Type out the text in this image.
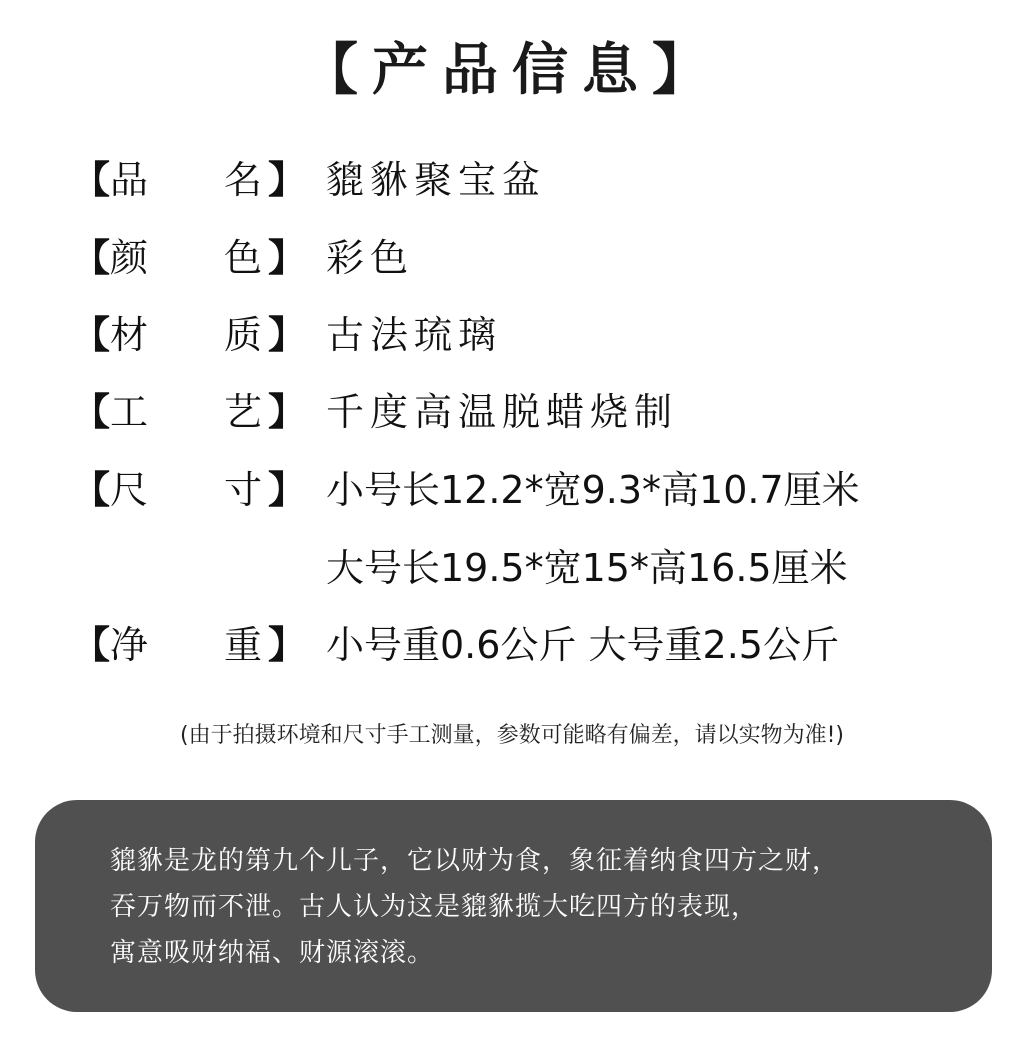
【产品信息】
【 品 名 】 貔貅聚宝盆
【 颜 色 】 彩色
【 材 质 】 古法琉璃
【 工 艺 】 千度高温脱蜡烧制
【 尺 寸 】 小号长12.2*宽9.3*高10.7厘米
大号长19.5*宽15*高16.5厘米
【 净 重 】 小号重0.6公斤 大号重2.5公斤
(由于拍摄环境和尺寸手工测量，参数可能略有偏差，请以实物为准!)
貔貅是龙的第九个儿子，它以财为食，象征着纳食四方之财，
吞万物而不泄。古人认为这是貔貅揽大吃四方的表现，
寓意吸财纳福、财源滚滚。
